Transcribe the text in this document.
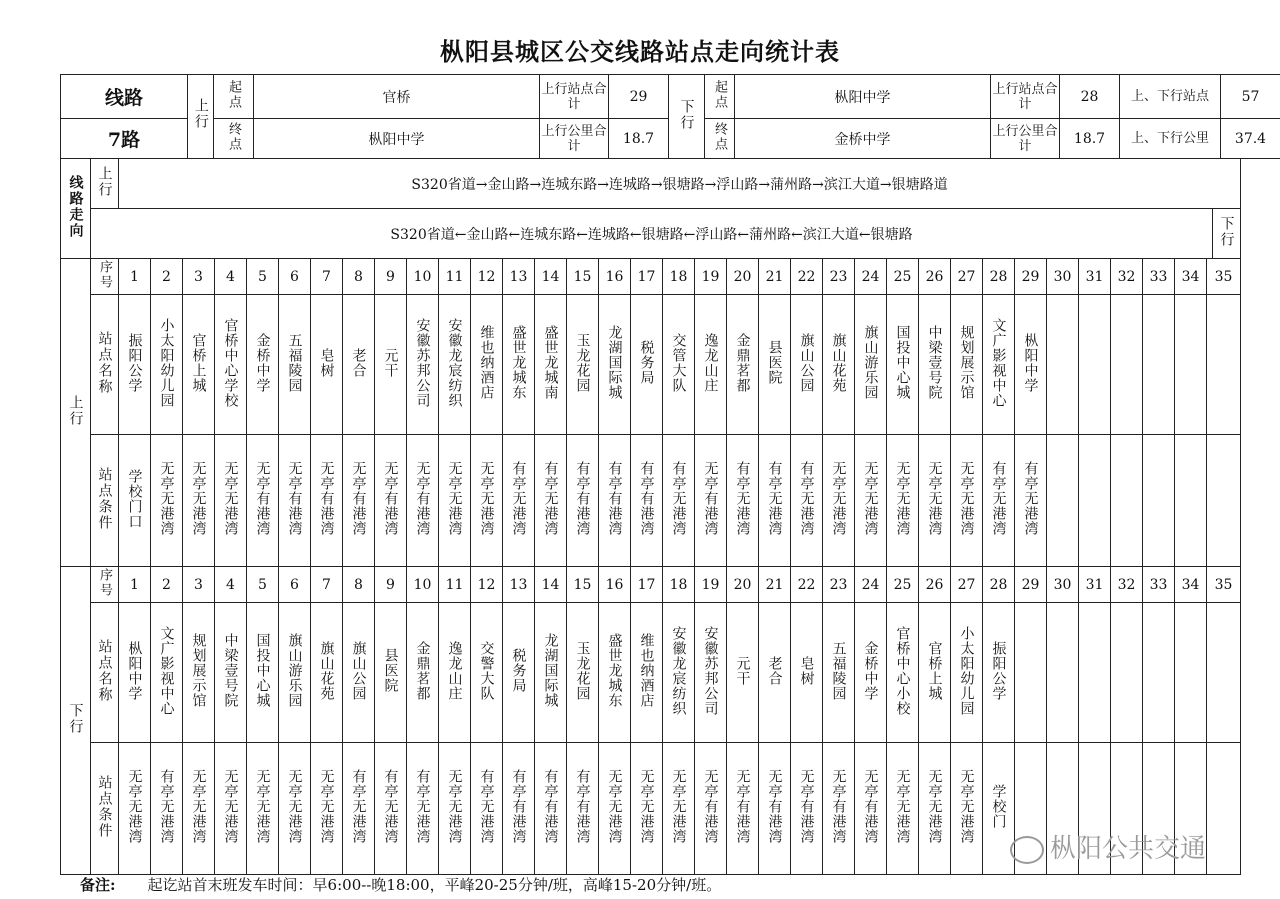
枞阳县城区公交线路站点走向统计表
线路	上行	起点	官桥	上行站点合计	29	下行	起点	枞阳中学	上行站点合计	28	上、下行站点	57
7路		终点	枞阳中学	上行公里合计	18.7		终点	金桥中学	上行公里合计	18.7	上、下行公里	37.4
线路走向	上行	S320省道→金山路→连城东路→连城路→银塘路→浮山路→蒲州路→滨江大道→银塘路道	
	S320省道←金山路←连城东路←连城路←银塘路←浮山路←蒲州路←滨江大道←银塘路		下行
上行	序号	1	2	3	4	5	6	7	8	9	10	11	12	13	14	15	16	17	18	19	20	21	22	23	24	25	26	27	28	29	30	31	32	33	34	35
	站点名称	振阳公学	小太阳幼儿园	官桥上城	官桥中心学校	金桥中学	五福陵园	皂树	老合	元干	安徽苏邦公司	安徽龙宸纺织	维也纳酒店	盛世龙城东	盛世龙城南	玉龙花园	龙湖国际城	税务局	交管大队	逸龙山庄	金鼎茗都	县医院	旗山公园	旗山花苑	旗山游乐园	国投中心城	中梁壹号院	规划展示馆	文广影视中心	枞阳中学						
	站点条件	学校门口	无亭无港湾	无亭无港湾	无亭无港湾	无亭有港湾	无亭有港湾	无亭有港湾	无亭有港湾	无亭有港湾	无亭有港湾	无亭无港湾	无亭无港湾	有亭无港湾	有亭无港湾	有亭有港湾	有亭有港湾	有亭有港湾	有亭无港湾	无亭有港湾	有亭无港湾	有亭无港湾	有亭无港湾	无亭无港湾	无亭无港湾	无亭无港湾	无亭无港湾	无亭无港湾	有亭无港湾	有亭无港湾						
下行	序号	1	2	3	4	5	6	7	8	9	10	11	12	13	14	15	16	17	18	19	20	21	22	23	24	25	26	27	28	29	30	31	32	33	34	35
	站点名称	枞阳中学	文广影视中心	规划展示馆	中梁壹号院	国投中心城	旗山游乐园	旗山花苑	旗山公园	县医院	金鼎茗都	逸龙山庄	交警大队	税务局	龙湖国际城	玉龙花园	盛世龙城东	维也纳酒店	安徽龙宸纺织	安徽苏邦公司	元干	老合	皂树	五福陵园	金桥中学	官桥中心小校	官桥上城	小太阳幼儿园	振阳公学							
	站点条件	无亭无港湾	有亭无港湾	无亭无港湾	无亭无港湾	无亭无港湾	无亭无港湾	无亭无港湾	有亭无港湾	有亭无港湾	有亭无港湾	无亭无港湾	有亭无港湾	有亭有港湾	有亭有港湾	有亭有港湾	无亭无港湾	无亭无港湾	无亭无港湾	无亭有港湾	无亭有港湾	无亭有港湾	无亭有港湾	无亭有港湾	无亭有港湾	无亭无港湾	无亭无港湾	无亭无港湾	学校门							
备注: 起讫站首末班发车时间：早6:00--晚18:00，平峰20-25分钟/班，高峰15-20分钟/班。
枞阳公共交通
